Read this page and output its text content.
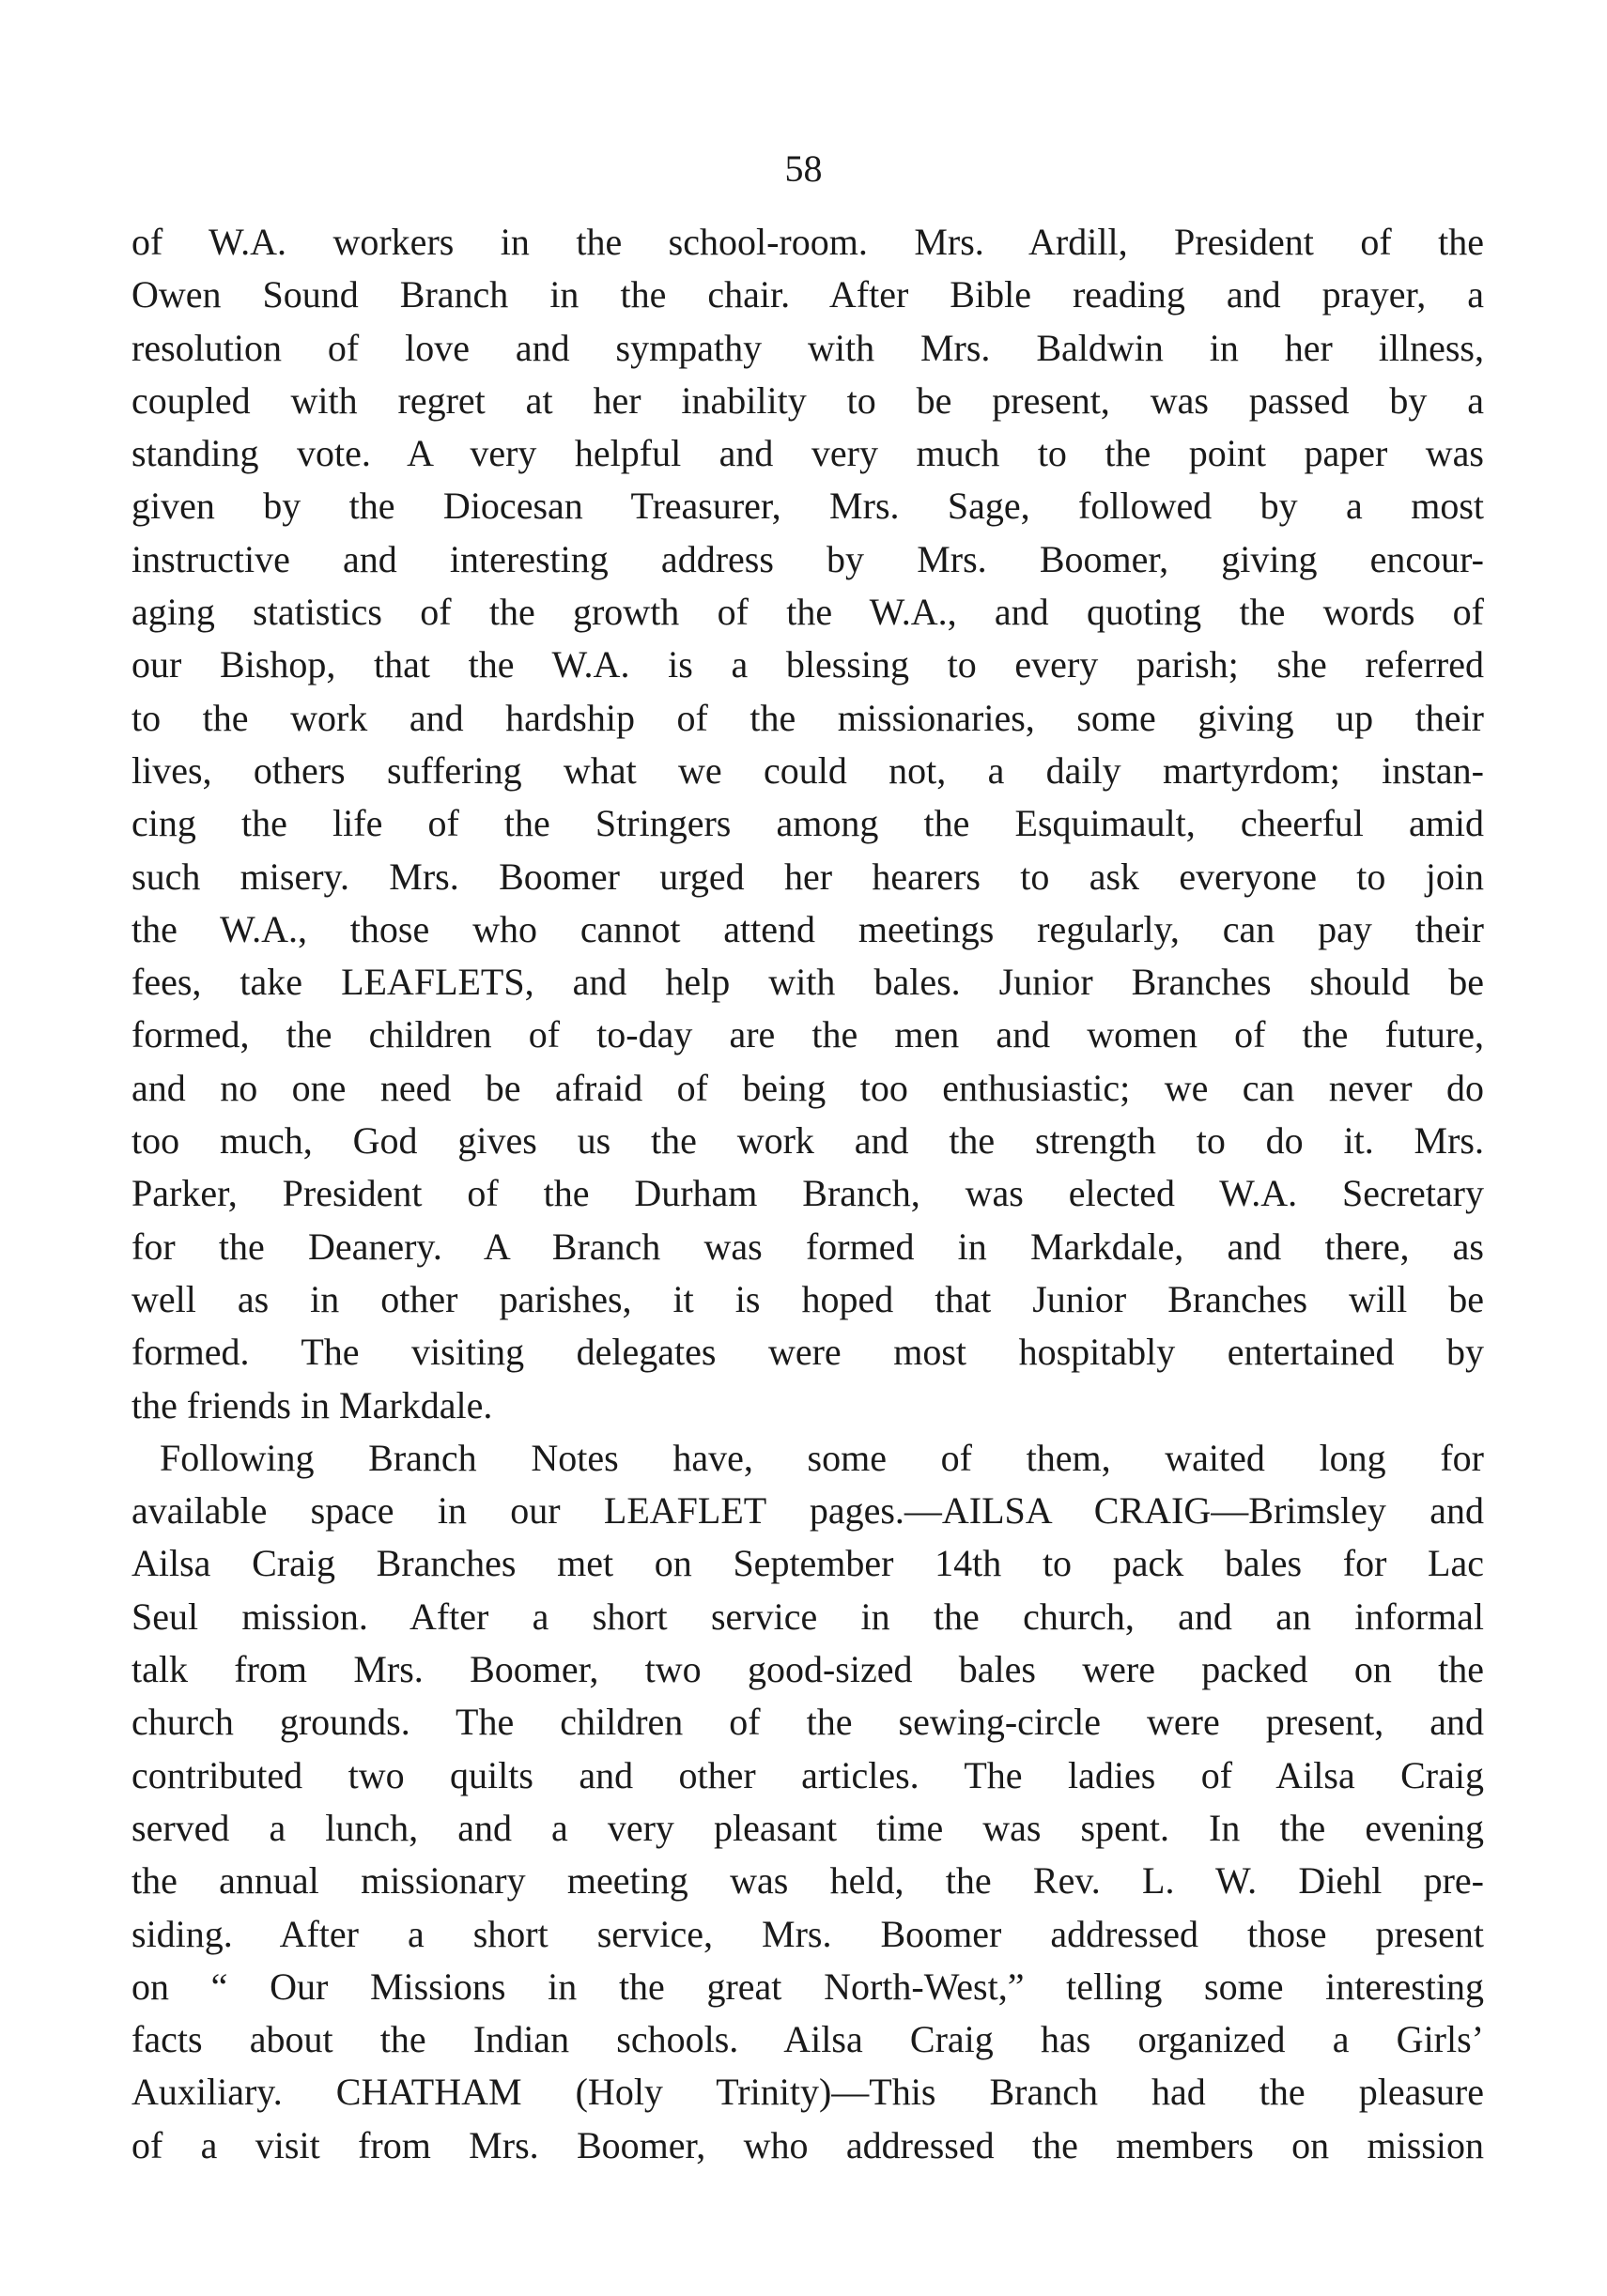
58
of W.A. workers in the school-room. Mrs. Ardill, President of the
Owen Sound Branch in the chair. After Bible reading and prayer, a
resolution of love and sympathy with Mrs. Baldwin in her illness,
coupled with regret at her inability to be present, was passed by a
standing vote. A very helpful and very much to the point paper was
given by the Diocesan Treasurer, Mrs. Sage, followed by a most
instructive and interesting address by Mrs. Boomer, giving encour-
aging statistics of the growth of the W.A., and quoting the words of
our Bishop, that the W.A. is a blessing to every parish; she referred
to the work and hardship of the missionaries, some giving up their
lives, others suffering what we could not, a daily martyrdom; instan-
cing the life of the Stringers among the Esquimault, cheerful amid
such misery. Mrs. Boomer urged her hearers to ask everyone to join
the W.A., those who cannot attend meetings regularly, can pay their
fees, take LEAFLETS, and help with bales. Junior Branches should be
formed, the children of to-day are the men and women of the future,
and no one need be afraid of being too enthusiastic; we can never do
too much, God gives us the work and the strength to do it. Mrs.
Parker, President of the Durham Branch, was elected W.A. Secretary
for the Deanery. A Branch was formed in Markdale, and there, as
well as in other parishes, it is hoped that Junior Branches will be
formed. The visiting delegates were most hospitably entertained by
the friends in Markdale.
Following Branch Notes have, some of them, waited long for
available space in our LEAFLET pages.—AILSA CRAIG—Brimsley and
Ailsa Craig Branches met on September 14th to pack bales for Lac
Seul mission. After a short service in the church, and an informal
talk from Mrs. Boomer, two good-sized bales were packed on the
church grounds. The children of the sewing-circle were present, and
contributed two quilts and other articles. The ladies of Ailsa Craig
served a lunch, and a very pleasant time was spent. In the evening
the annual missionary meeting was held, the Rev. L. W. Diehl pre-
siding. After a short service, Mrs. Boomer addressed those present
on “ Our Missions in the great North-West,” telling some interesting
facts about the Indian schools. Ailsa Craig has organized a Girls’
Auxiliary. CHATHAM (Holy Trinity)—This Branch had the pleasure
of a visit from Mrs. Boomer, who addressed the members on mission
